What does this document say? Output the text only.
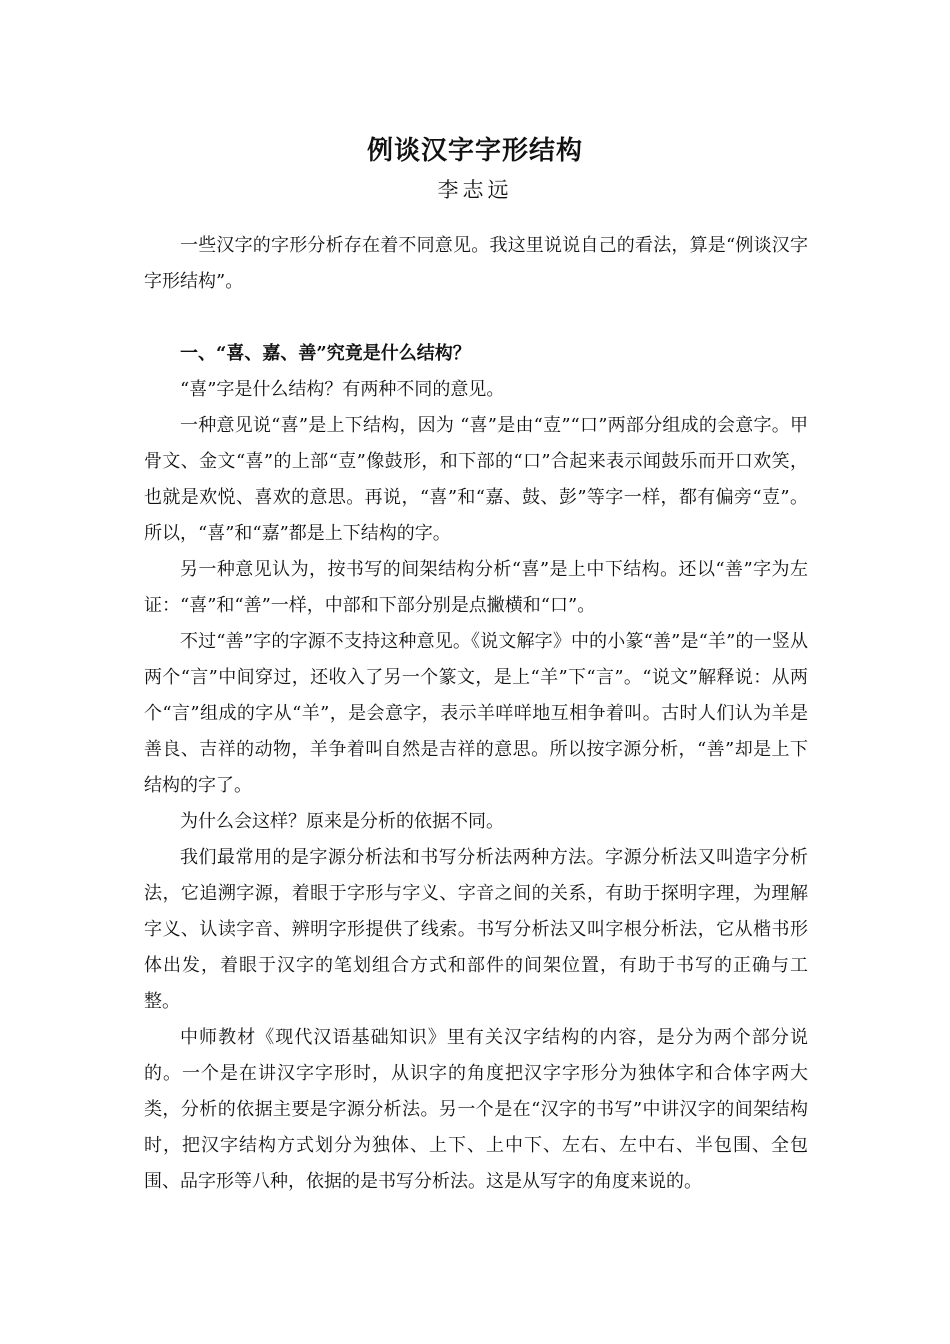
例谈汉字字形结构
李志远

一些汉字的字形分析存在着不同意见。我这里说说自己的看法，算是“例谈汉字字形结构”。

一、“喜、嘉、善”究竟是什么结构？

“喜”字是什么结构？有两种不同的意见。

一种意见说“喜”是上下结构，因为 “喜”是由“壴”“口”两部分组成的会意字。甲骨文、金文“喜”的上部“壴”像鼓形，和下部的“口”合起来表示闻鼓乐而开口欢笑，也就是欢悦、喜欢的意思。再说，“喜”和“嘉、鼓、彭”等字一样，都有偏旁“壴”。所以，“喜”和“嘉”都是上下结构的字。

另一种意见认为，按书写的间架结构分析“喜”是上中下结构。还以“善”字为左证：“喜”和“善”一样，中部和下部分别是点撇横和“口”。

不过“善”字的字源不支持这种意见。《说文解字》中的小篆“善”是“羊”的一竖从两个“言”中间穿过，还收入了另一个篆文，是上“羊”下“言”。“说文”解释说：从两个“言”组成的字从“羊”，是会意字，表示羊咩咩地互相争着叫。古时人们认为羊是善良、吉祥的动物，羊争着叫自然是吉祥的意思。所以按字源分析，“善”却是上下结构的字了。

为什么会这样？原来是分析的依据不同。

我们最常用的是字源分析法和书写分析法两种方法。字源分析法又叫造字分析法，它追溯字源，着眼于字形与字义、字音之间的关系，有助于探明字理，为理解字义、认读字音、辨明字形提供了线索。书写分析法又叫字根分析法，它从楷书形体出发，着眼于汉字的笔划组合方式和部件的间架位置，有助于书写的正确与工整。

中师教材《现代汉语基础知识》里有关汉字结构的内容，是分为两个部分说的。一个是在讲汉字字形时，从识字的角度把汉字字形分为独体字和合体字两大类，分析的依据主要是字源分析法。另一个是在“汉字的书写”中讲汉字的间架结构时，把汉字结构方式划分为独体、上下、上中下、左右、左中右、半包围、全包围、品字形等八种，依据的是书写分析法。这是从写字的角度来说的。
